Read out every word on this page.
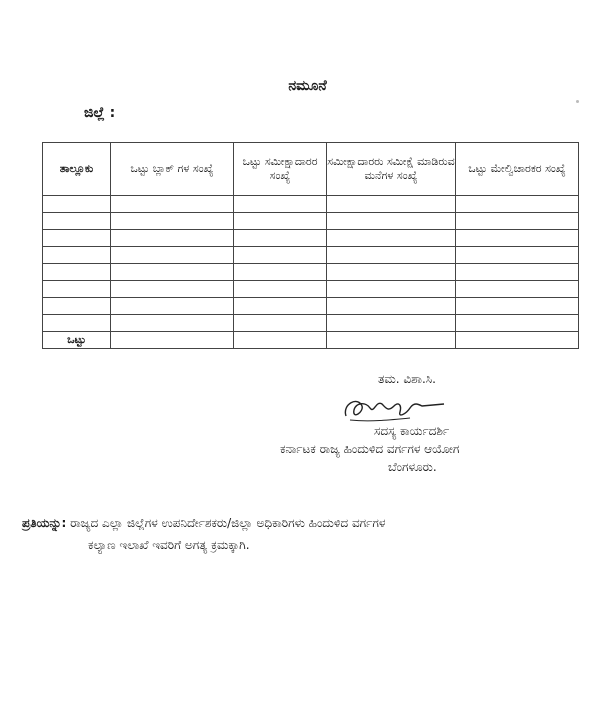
ನಮೂನೆ
ಜಿಲ್ಲೆ :
ತಾಲ್ಲೂಕು	ಒಟ್ಟು ಬ್ಲಾಕ್ ಗಳ ಸಂಖ್ಯೆ	ಒಟ್ಟು ಸಮೀಕ್ಷಾದಾರರ ಸಂಖ್ಯೆ	ಸಮೀಕ್ಷಾದಾರರು ಸಮೀಕ್ಷೆ ಮಾಡಿರುವ ಮನೆಗಳ ಸಂಖ್ಯೆ	ಒಟ್ಟು ಮೇಲ್ವಿಚಾರಕರ ಸಂಖ್ಯೆ

ಒಟ್ಟು				
ತಮ. ವಿಶಾ.ಸಿ.
ಸದಸ್ಯ ಕಾರ್ಯದರ್ಶಿ
ಕರ್ನಾಟಕ ರಾಜ್ಯ ಹಿಂದುಳಿದ ವರ್ಗಗಳ ಆಯೋಗ
ಬೆಂಗಳೂರು.
ಪ್ರತಿಯನ್ನು: ರಾಜ್ಯದ ಎಲ್ಲಾ ಜಿಲ್ಲೆಗಳ ಉಪನಿರ್ದೇಶಕರು/ಜಿಲ್ಲಾ ಅಧಿಕಾರಿಗಳು ಹಿಂದುಳಿದ ವರ್ಗಗಳ
ಕಲ್ಯಾಣ ಇಲಾಖೆ ಇವರಿಗೆ ಅಗತ್ಯ ಕ್ರಮಕ್ಕಾಗಿ.
